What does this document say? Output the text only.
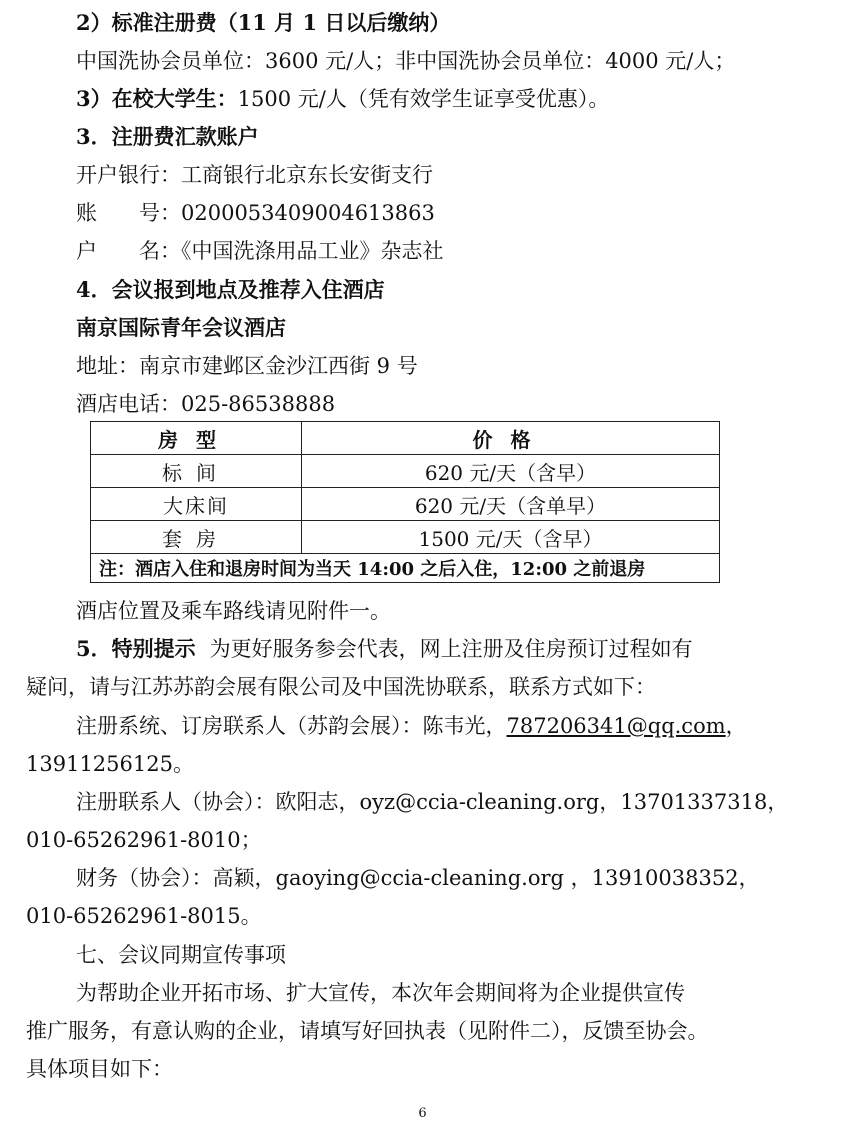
2）标准注册费（11 月 1 日以后缴纳）
中国洗协会员单位：3600 元/人；非中国洗协会员单位：4000 元/人；
3）在校大学生：1500 元/人（凭有效学生证享受优惠）。
3．注册费汇款账户
开户银行：工商银行北京东长安街支行
账　　号：0200053409004613863
户　　名：《中国洗涤用品工业》杂志社
4．会议报到地点及推荐入住酒店
南京国际青年会议酒店
地址：南京市建邺区金沙江西街 9 号
酒店电话：025-86538888
房型	价格
标间	620 元/天（含早）
大床间	620 元/天（含单早）
套房	1500 元/天（含早）
注：酒店入住和退房时间为当天 14:00 之后入住，12:00 之前退房	
酒店位置及乘车路线请见附件一。
5．特别提示 为更好服务参会代表，网上注册及住房预订过程如有
疑问，请与江苏苏韵会展有限公司及中国洗协联系，联系方式如下：
注册系统、订房联系人（苏韵会展）：陈韦光，787206341@qq.com，
13911256125。
注册联系人（协会）：欧阳志，oyz@ccia-cleaning.org，13701337318，
010-65262961-8010；
财务（协会）：高颖，gaoying@ccia-cleaning.org ，13910038352，
010-65262961-8015。
七、会议同期宣传事项
为帮助企业开拓市场、扩大宣传，本次年会期间将为企业提供宣传
推广服务，有意认购的企业，请填写好回执表（见附件二），反馈至协会。
具体项目如下：
6
